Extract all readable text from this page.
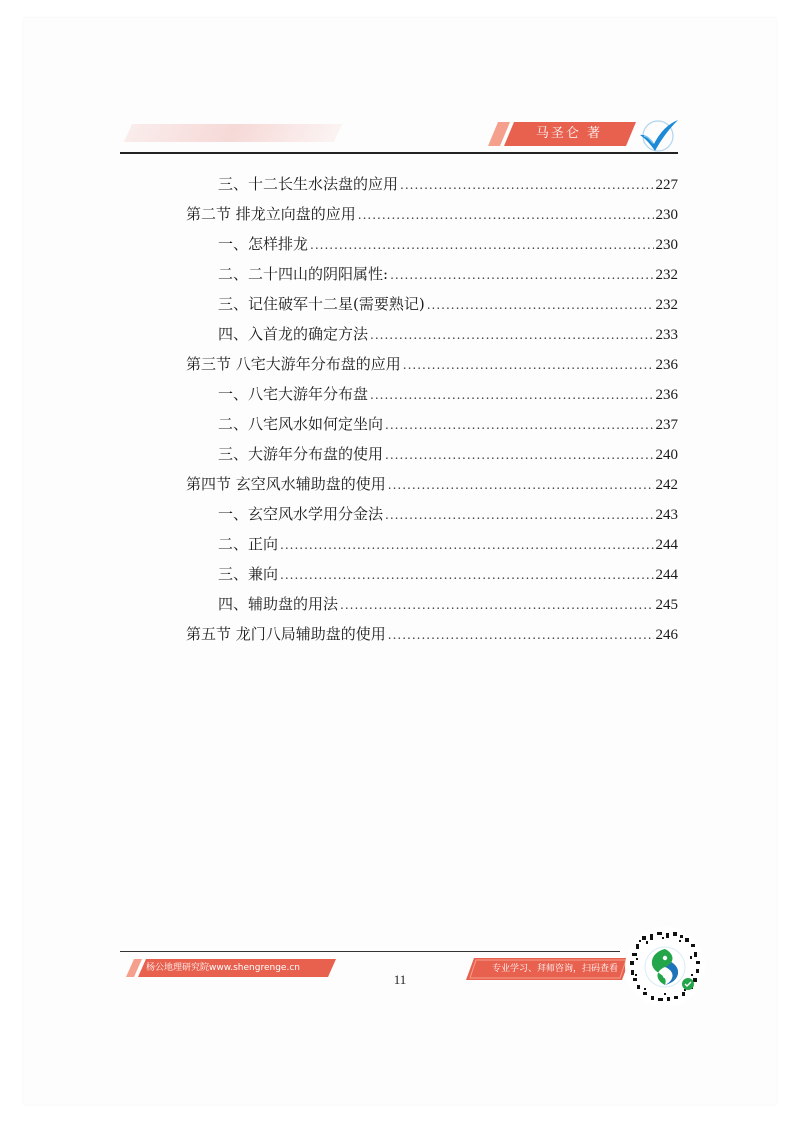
马圣仑 著
三、十二长生水法盘的应用 .....	227
第二节 排龙立向盘的应用 .....	230
一、怎样排龙 .....	230
二、二十四山的阴阳属性: .....	232
三、记住破军十二星(需要熟记) .....	232
四、入首龙的确定方法 .....	233
第三节 八宅大游年分布盘的应用 .....	236
一、八宅大游年分布盘 .....	236
二、八宅风水如何定坐向 .....	237
三、大游年分布盘的使用 .....	240
第四节 玄空风水辅助盘的使用 .....	242
一、玄空风水学用分金法 .....	243
二、正向 .....	244
三、兼向 .....	244
四、辅助盘的用法 .....	245
第五节 龙门八局辅助盘的使用 .....	246
杨公地理研究院www.shengrenge.cn
11
专业学习、拜师咨询，扫码查看
